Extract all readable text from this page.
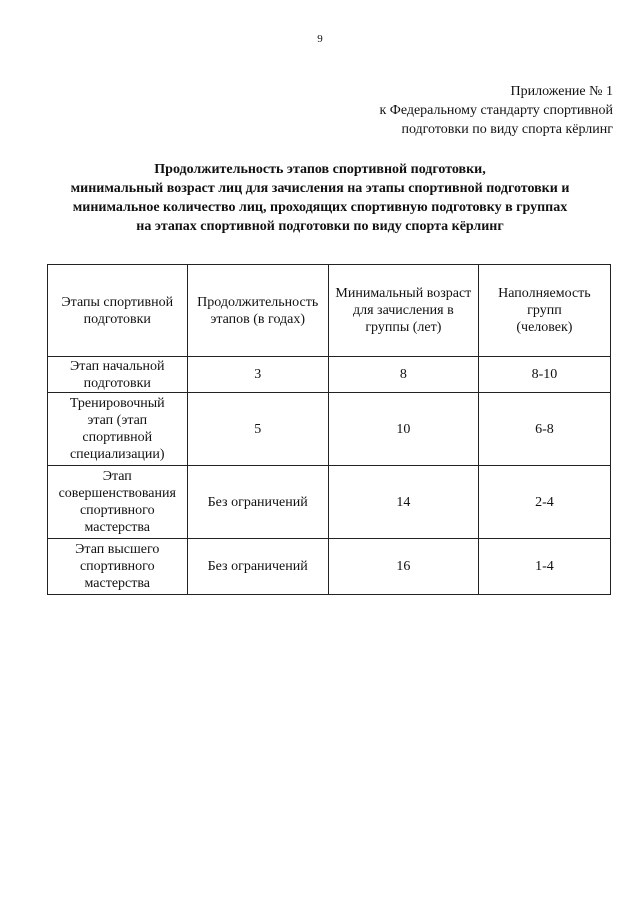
9
Приложение № 1
к Федеральному стандарту спортивной
подготовки по виду спорта кёрлинг
Продолжительность этапов спортивной подготовки,
минимальный возраст лиц для зачисления на этапы спортивной подготовки и
минимальное количество лиц, проходящих спортивную подготовку в группах
на этапах спортивной подготовки по виду спорта кёрлинг
Этапы спортивной
подготовки	Продолжительность
этапов (в годах)	Минимальный возраст
для зачисления в
группы (лет)	Наполняемость
групп
(человек)

Этап начальной
подготовки	3	8	8-10

Тренировочный
этап (этап
спортивной
специализации)	5	10	6-8

Этап
совершенствования
спортивного
мастерства	Без ограничений	14	2-4

Этап высшего
спортивного
мастерства	Без ограничений	16	1-4
